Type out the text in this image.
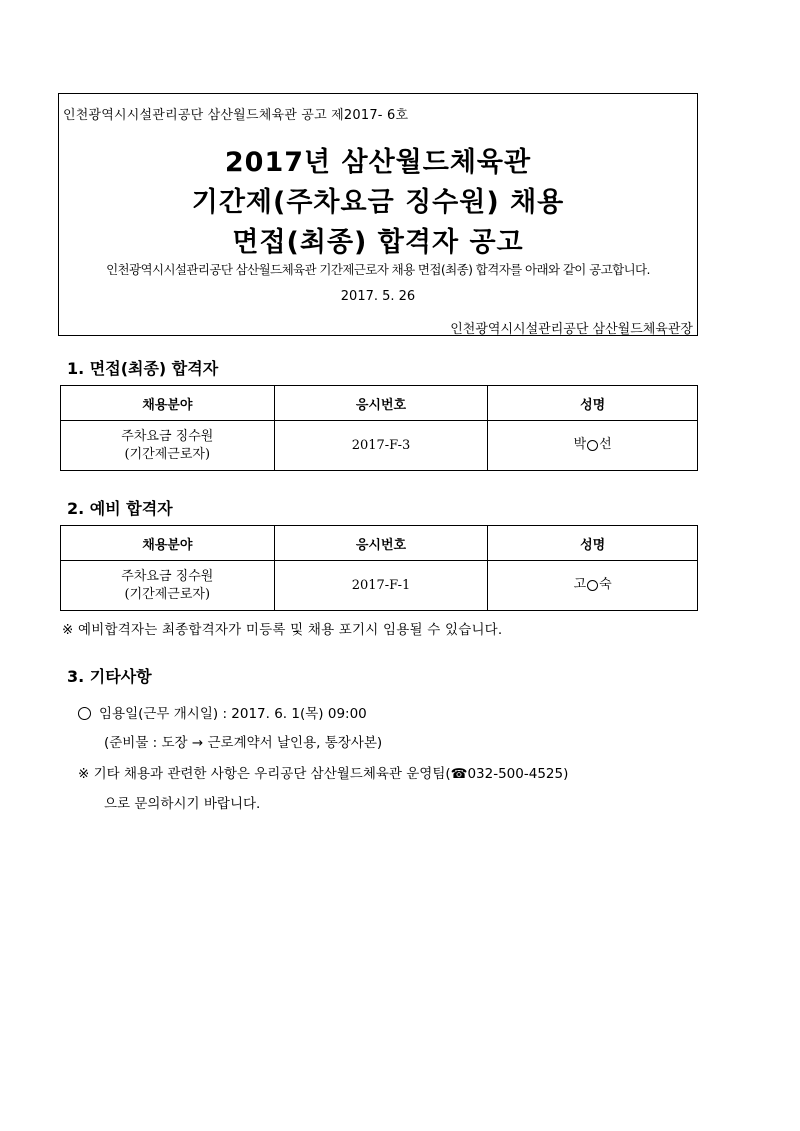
인천광역시시설관리공단 삼산월드체육관 공고 제2017- 6호
2017년 삼산월드체육관
기간제(주차요금 징수원) 채용
면접(최종) 합격자 공고
인천광역시시설관리공단 삼산월드체육관 기간제근로자 채용 면접(최종) 합격자를 아래와 같이 공고합니다.
2017. 5. 26
인천광역시시설관리공단 삼산월드체육관장
1. 면접(최종) 합격자
채용분야	응시번호	성명

주차요금 징수원
(기간제근로자)	2017-F-3	박 선
2. 예비 합격자
채용분야	응시번호	성명

주차요금 징수원
(기간제근로자)	2017-F-1	고 숙
※ 예비합격자는 최종합격자가 미등록 및 채용 포기시 임용될 수 있습니다.
3. 기타사항
임용일(근무 개시일) : 2017. 6. 1(목) 09:00
(준비물 : 도장 → 근로계약서 날인용, 통장사본)
※ 기타 채용과 관련한 사항은 우리공단 삼산월드체육관 운영팀(☎032-500-4525)
으로 문의하시기 바랍니다.
